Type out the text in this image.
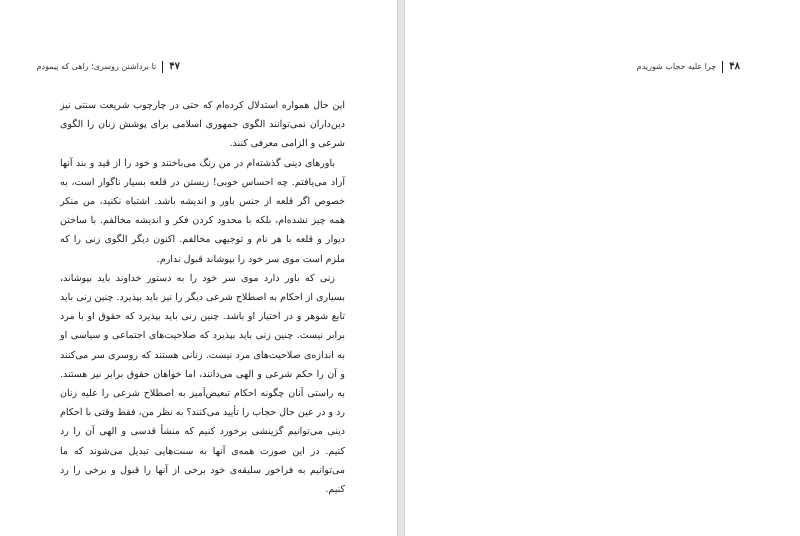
۴۷تا برداشتن روسری؛ راهی که پیمودم

این حال همواره استدلال کرده‌ام که حتی در چارچوب شریعت سنتی نیز دین‌داران نمی‌توانند الگوی جمهوری اسلامی برای پوشش زنان را الگوی شرعی و الزامی معرفی کنند.

باورهای دینی گذشته‌ام در من رنگ می‌باختند و خود را از قید و بند آنها آزاد می‌یافتم. چه احساس خوبی! زیستن در قلعه بسیار ناگوار است، به خصوص اگر قلعه از جنس باور و اندیشه باشد. اشتباه نکنید، من منکر همه چیز نشده‌ام، بلکه با محدود کردن فکر و اندیشه مخالفم. با ساختن دیوار و قلعه با هر نام و توجیهی مخالفم. اکنون دیگر الگوی زنی را که ملزم است موی سر خود را بپوشاند قبول ندارم.

زنی که باور دارد موی سر خود را به دستور خداوند باید بپوشاند، بسیاری از احکام به اصطلاح شرعی دیگر را نیز باید بپذیرد. چنین زنی باید تابع شوهر و در اختیار او باشد. چنین زنی باید بپذیرد که حقوق او با مرد برابر نیست. چنین زنی باید بپذیرد که صلاحیت‌های اجتماعی و سیاسی او به اندازه‌ی صلاحیت‌های مرد نیست. زنانی هستند که روسری سر می‌کنند و آن را حکم شرعی و الهی می‌دانند، اما خواهان حقوق برابر نیز هستند. به راستی آنان چگونه احکام تبعیض‌آمیز به اصطلاح شرعی را علیه زنان رد و در عین حال حجاب را تأیید می‌کنند؟ به نظر من، فقط وقتی با احکام دینی می‌توانیم گزینشی برخورد کنیم که منشأ قدسی و الهی آن را رد کنیم. در این صورت همه‌ی آنها به سنت‌هایی تبدیل می‌شوند که ما می‌توانیم به فراخور سلیقه‌ی خود برخی از آنها را قبول و برخی را رد کنیم.

۴۸چرا علیه حجاب شوریدم
